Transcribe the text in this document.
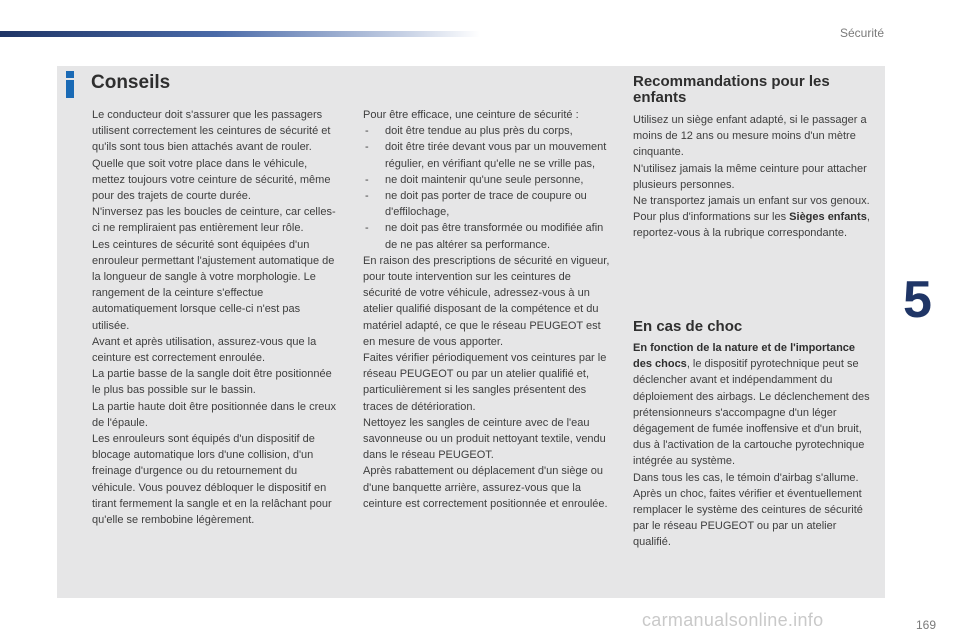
Sécurité
Conseils

Le conducteur doit s'assurer que les passagers utilisent correctement les ceintures de sécurité et qu'ils sont tous bien attachés avant de rouler.

Quelle que soit votre place dans le véhicule, mettez toujours votre ceinture de sécurité, même pour des trajets de courte durée.

N'inversez pas les boucles de ceinture, car celles-ci ne rempliraient pas entièrement leur rôle.

Les ceintures de sécurité sont équipées d'un enrouleur permettant l'ajustement automatique de la longueur de sangle à votre morphologie. Le rangement de la ceinture s'effectue automatiquement lorsque celle-ci n'est pas utilisée.

Avant et après utilisation, assurez-vous que la ceinture est correctement enroulée.

La partie basse de la sangle doit être positionnée le plus bas possible sur le bassin.

La partie haute doit être positionnée dans le creux de l'épaule.

Les enrouleurs sont équipés d'un dispositif de blocage automatique lors d'une collision, d'un freinage d'urgence ou du retournement du véhicule. Vous pouvez débloquer le dispositif en tirant fermement la sangle et en la relâchant pour qu'elle se rembobine légèrement.

Pour être efficace, une ceinture de sécurité :

- doit être tendue au plus près du corps,
- doit être tirée devant vous par un mouvement régulier, en vérifiant qu'elle ne se vrille pas,
- ne doit maintenir qu'une seule personne,
- ne doit pas porter de trace de coupure ou d'effilochage,
- ne doit pas être transformée ou modifiée afin de ne pas altérer sa performance.

En raison des prescriptions de sécurité en vigueur, pour toute intervention sur les ceintures de sécurité de votre véhicule, adressez-vous à un atelier qualifié disposant de la compétence et du matériel adapté, ce que le réseau PEUGEOT est en mesure de vous apporter.

Faites vérifier périodiquement vos ceintures par le réseau PEUGEOT ou par un atelier qualifié et, particulièrement si les sangles présentent des traces de détérioration.

Nettoyez les sangles de ceinture avec de l'eau savonneuse ou un produit nettoyant textile, vendu dans le réseau PEUGEOT.

Après rabattement ou déplacement d'un siège ou d'une banquette arrière, assurez-vous que la ceinture est correctement positionnée et enroulée.

Recommandations pour les enfants

Utilisez un siège enfant adapté, si le passager a moins de 12 ans ou mesure moins d'un mètre cinquante.

N'utilisez jamais la même ceinture pour attacher plusieurs personnes.

Ne transportez jamais un enfant sur vos genoux.

Pour plus d'informations sur les Sièges enfants, reportez-vous à la rubrique correspondante.

En cas de choc

En fonction de la nature et de l'importance des chocs, le dispositif pyrotechnique peut se déclencher avant et indépendamment du déploiement des airbags. Le déclenchement des prétensionneurs s'accompagne d'un léger dégagement de fumée inoffensive et d'un bruit, dus à l'activation de la cartouche pyrotechnique intégrée au système.

Dans tous les cas, le témoin d'airbag s'allume.

Après un choc, faites vérifier et éventuellement remplacer le système des ceintures de sécurité par le réseau PEUGEOT ou par un atelier qualifié.

5
169
carmanualsonline.info
